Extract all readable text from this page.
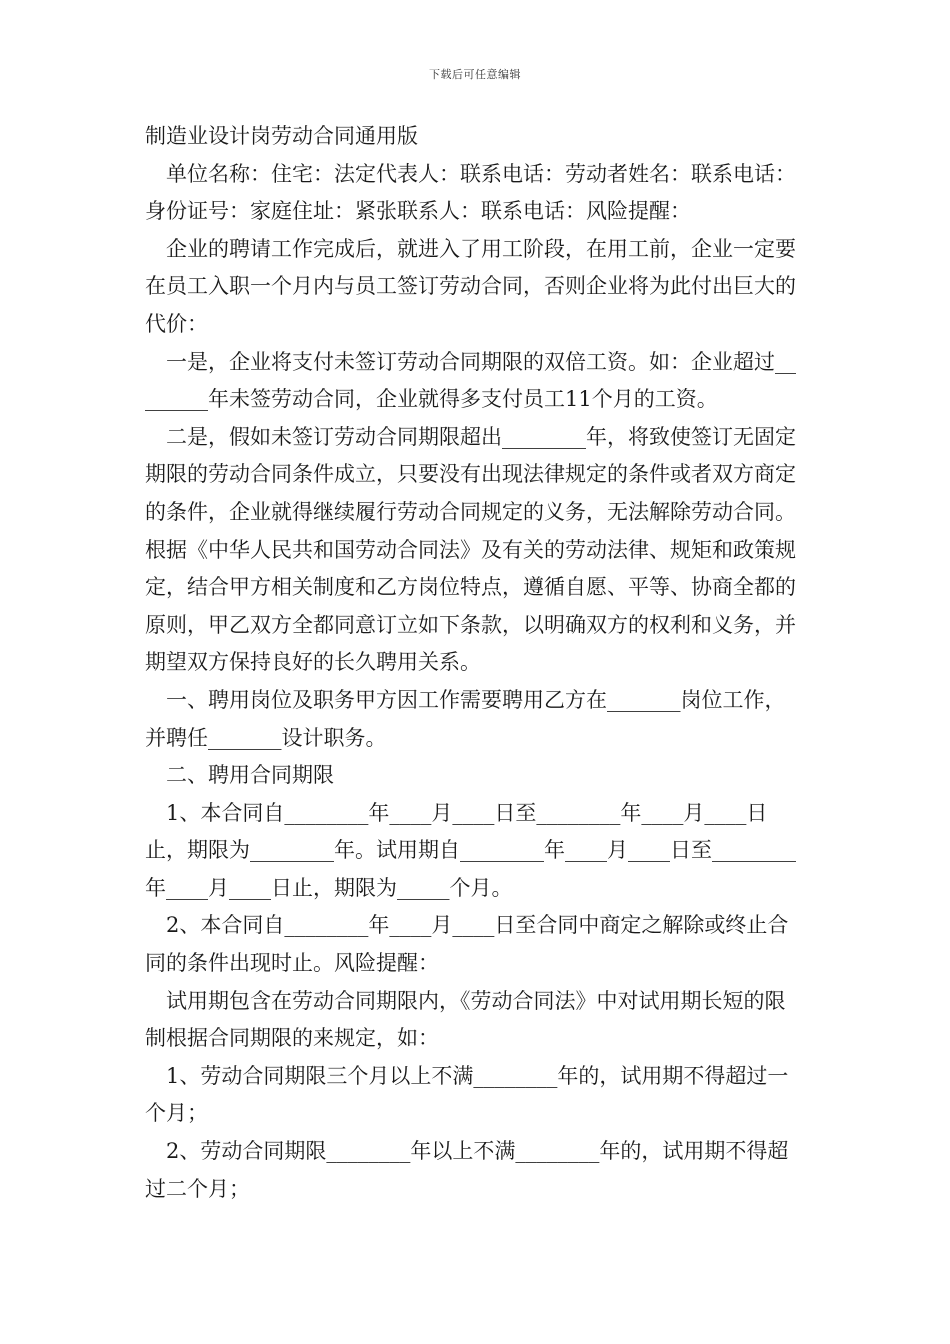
下载后可任意编辑

制造业设计岗劳动合同通用版

单位名称：住宅：法定代表人：联系电话：劳动者姓名：联系电话：身份证号：家庭住址：紧张联系人：联系电话：风险提醒：

企业的聘请工作完成后，就进入了用工阶段，在用工前，企业一定要在员工入职一个月内与员工签订劳动合同，否则企业将为此付出巨大的代价：

一是，企业将支付未签订劳动合同期限的双倍工资。如：企业超过________年未签劳动合同，企业就得多支付员工11个月的工资。

二是，假如未签订劳动合同期限超出________年，将致使签订无固定期限的劳动合同条件成立，只要没有出现法律规定的条件或者双方商定的条件，企业就得继续履行劳动合同规定的义务，无法解除劳动合同。 根据《中华人民共和国劳动合同法》及有关的劳动法律、规矩和政策规定，结合甲方相关制度和乙方岗位特点，遵循自愿、平等、协商全都的原则，甲乙双方全都同意订立如下条款，以明确双方的权利和义务，并期望双方保持良好的长久聘用关系。

一、聘用岗位及职务甲方因工作需要聘用乙方在_______岗位工作，并聘任_______设计职务。

二、聘用合同期限

1、本合同自________年____月____日至________年____月____日止，期限为________年。试用期自________年____月____日至________年____月____日止，期限为_____个月。

2、本合同自________年____月____日至合同中商定之解除或终止合同的条件出现时止。风险提醒：

试用期包含在劳动合同期限内，《劳动合同法》中对试用期长短的限制根据合同期限的来规定，如：

1、劳动合同期限三个月以上不满________年的，试用期不得超过一个月；

2、劳动合同期限________年以上不满________年的，试用期不得超过二个月；
